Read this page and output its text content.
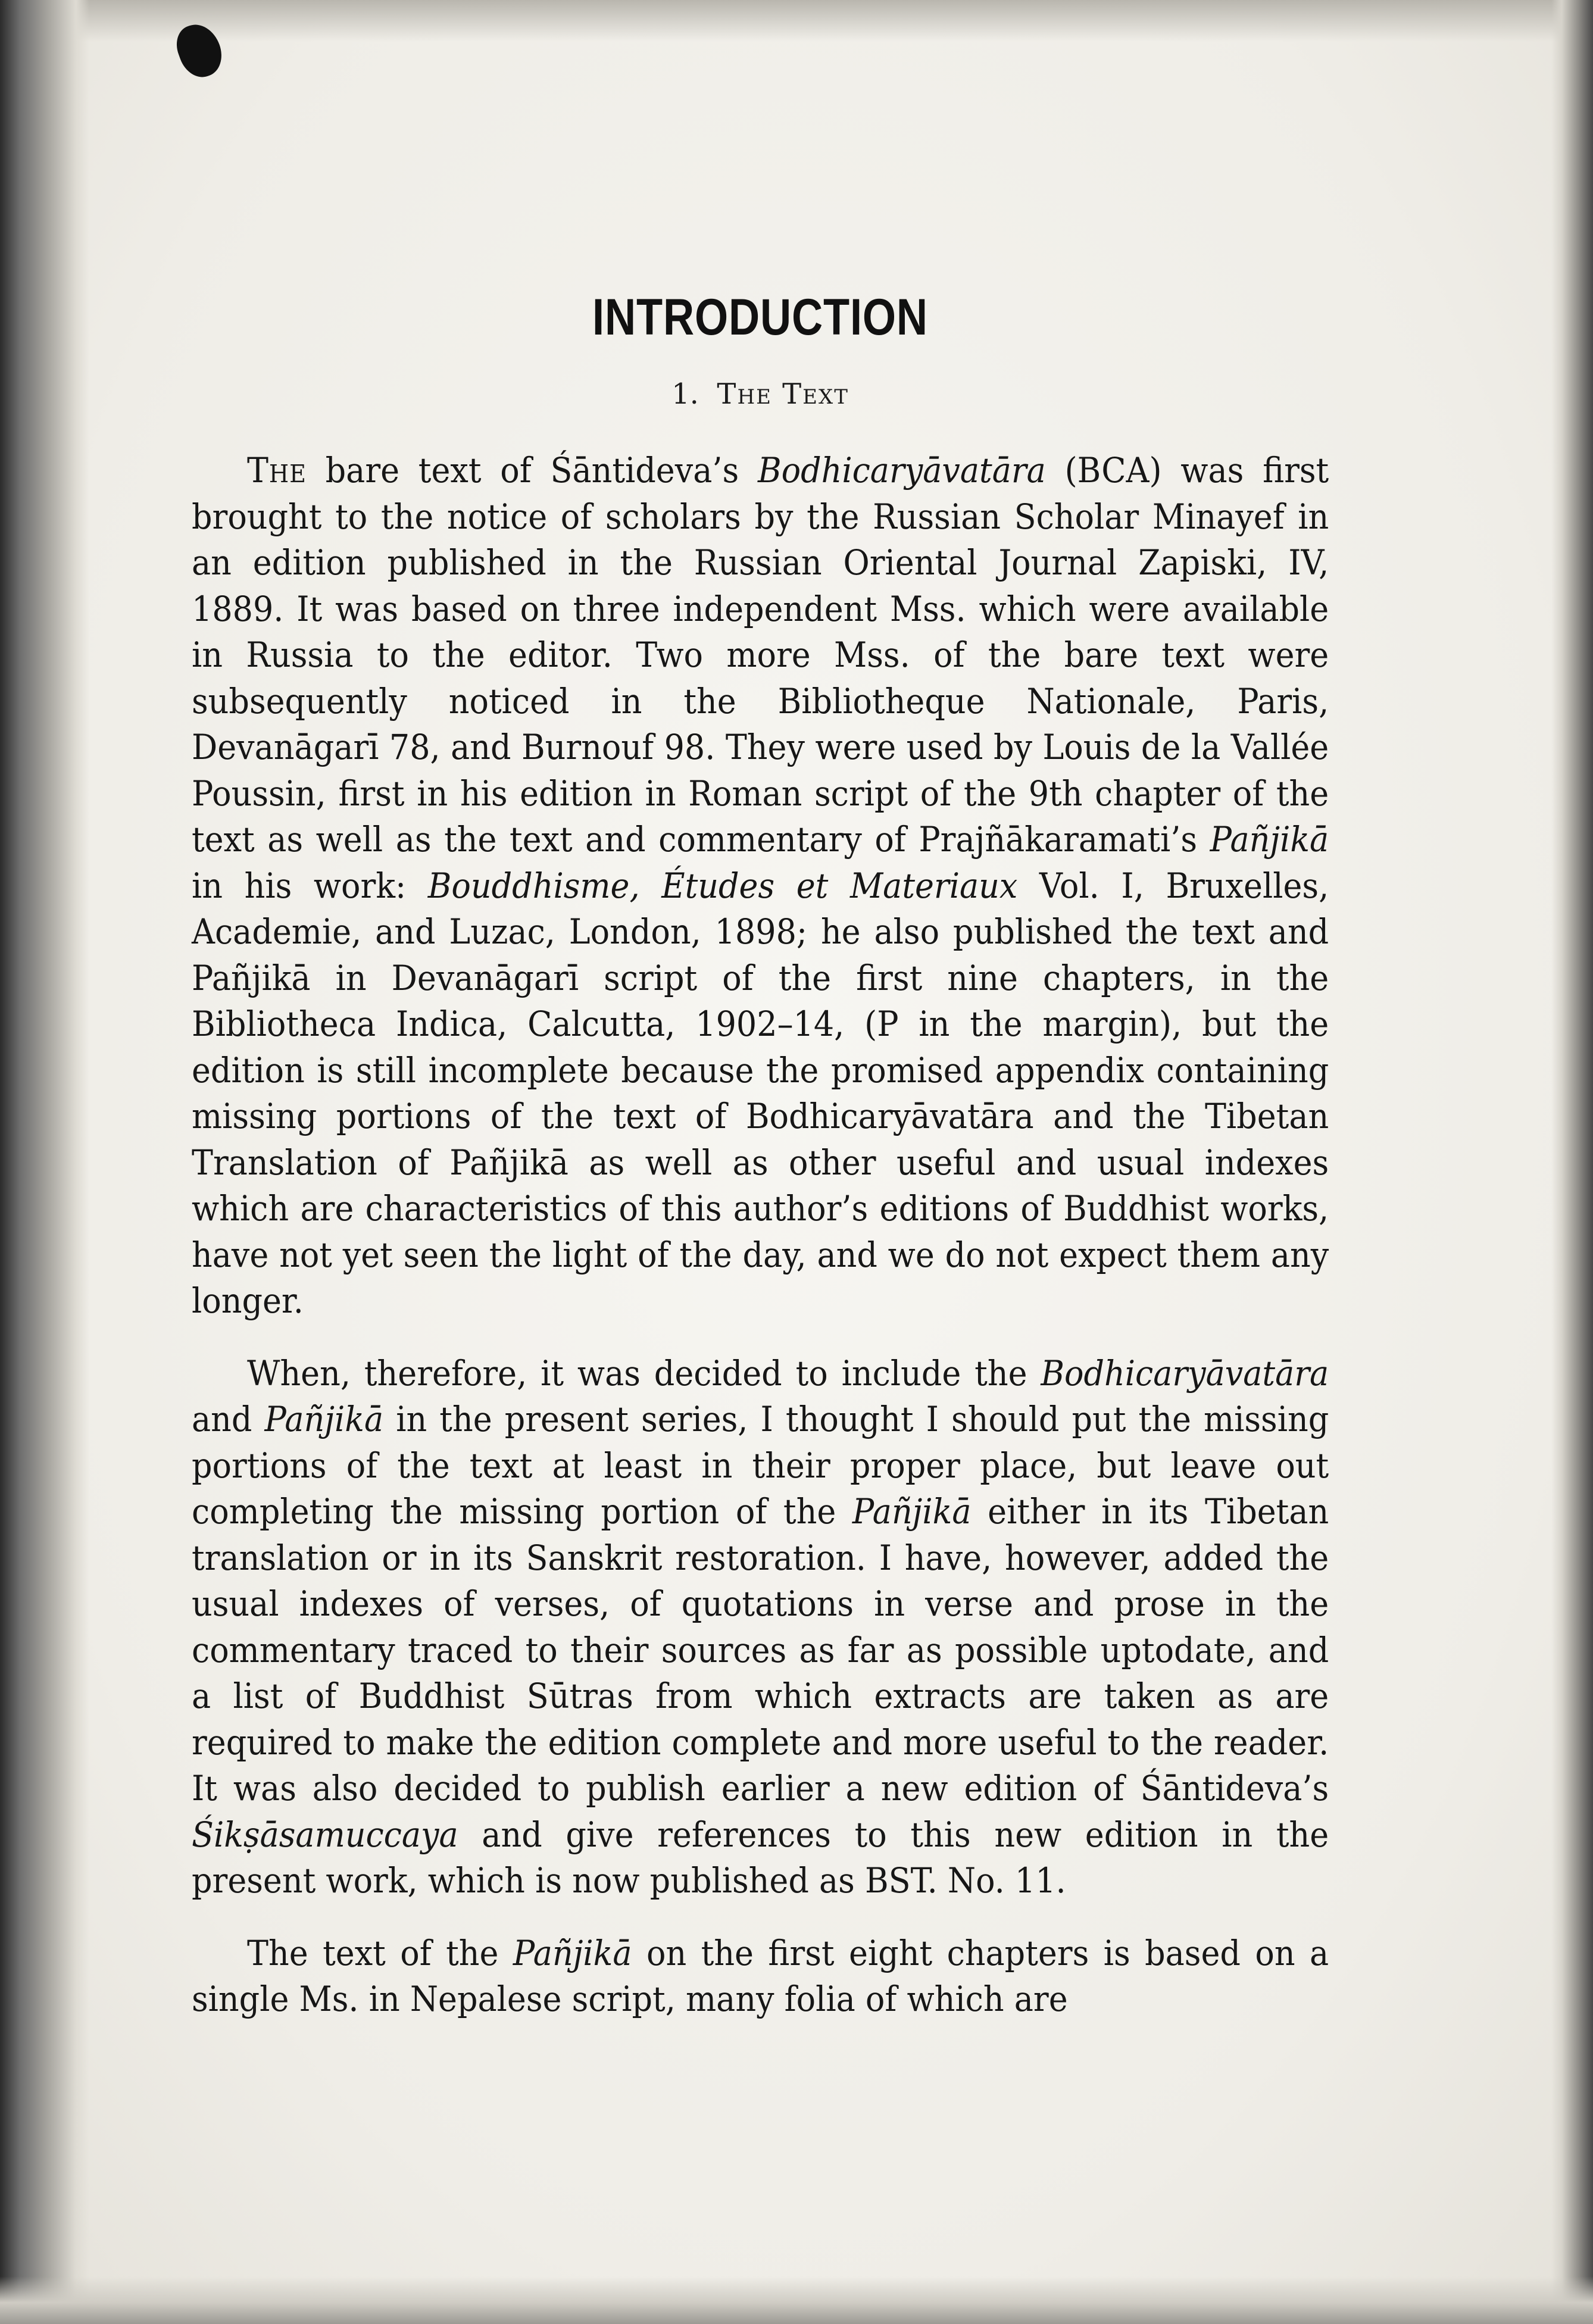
INTRODUCTION
1. The Text

The bare text of Śāntideva’s Bodhicaryāvatāra (BCA) was first brought to the notice of scholars by the Russian Scholar Minayef in an edition published in the Russian Oriental Journal Zapiski, IV, 1889. It was based on three independent Mss. which were available in Russia to the editor. Two more Mss. of the bare text were subsequently noticed in the Bibliotheque Nationale, Paris, Devanāgarī 78, and Burnouf 98. They were used by Louis de la Vallée Poussin, first in his edition in Roman script of the 9th chapter of the text as well as the text and commentary of Prajñākaramati’s Pañjikā in his work: Bouddhisme, Études et Materiaux Vol. I, Bruxelles, Academie, and Luzac, London, 1898; he also published the text and Pañjikā in Devanāgarī script of the first nine chapters, in the Bibliotheca Indica, Calcutta, 1902–14, (P in the margin), but the edition is still incomplete because the promised appendix containing missing portions of the text of Bodhicaryāvatāra and the Tibetan Translation of Pañjikā as well as other useful and usual indexes which are characteristics of this author’s editions of Buddhist works, have not yet seen the light of the day, and we do not expect them any longer.

When, therefore, it was decided to include the Bodhicaryāvatāra and Pañjikā in the present series, I thought I should put the missing portions of the text at least in their proper place, but leave out completing the missing portion of the Pañjikā either in its Tibetan translation or in its Sanskrit restoration. I have, however, added the usual indexes of verses, of quotations in verse and prose in the commentary traced to their sources as far as possible uptodate, and a list of Buddhist Sūtras from which extracts are taken as are required to make the edition complete and more useful to the reader. It was also decided to publish earlier a new edition of Śāntideva’s Śikṣāsamuccaya and give references to this new edition in the present work, which is now published as BST. No. 11.

The text of the Pañjikā on the first eight chapters is based on a single Ms. in Nepalese script, many folia of which are
